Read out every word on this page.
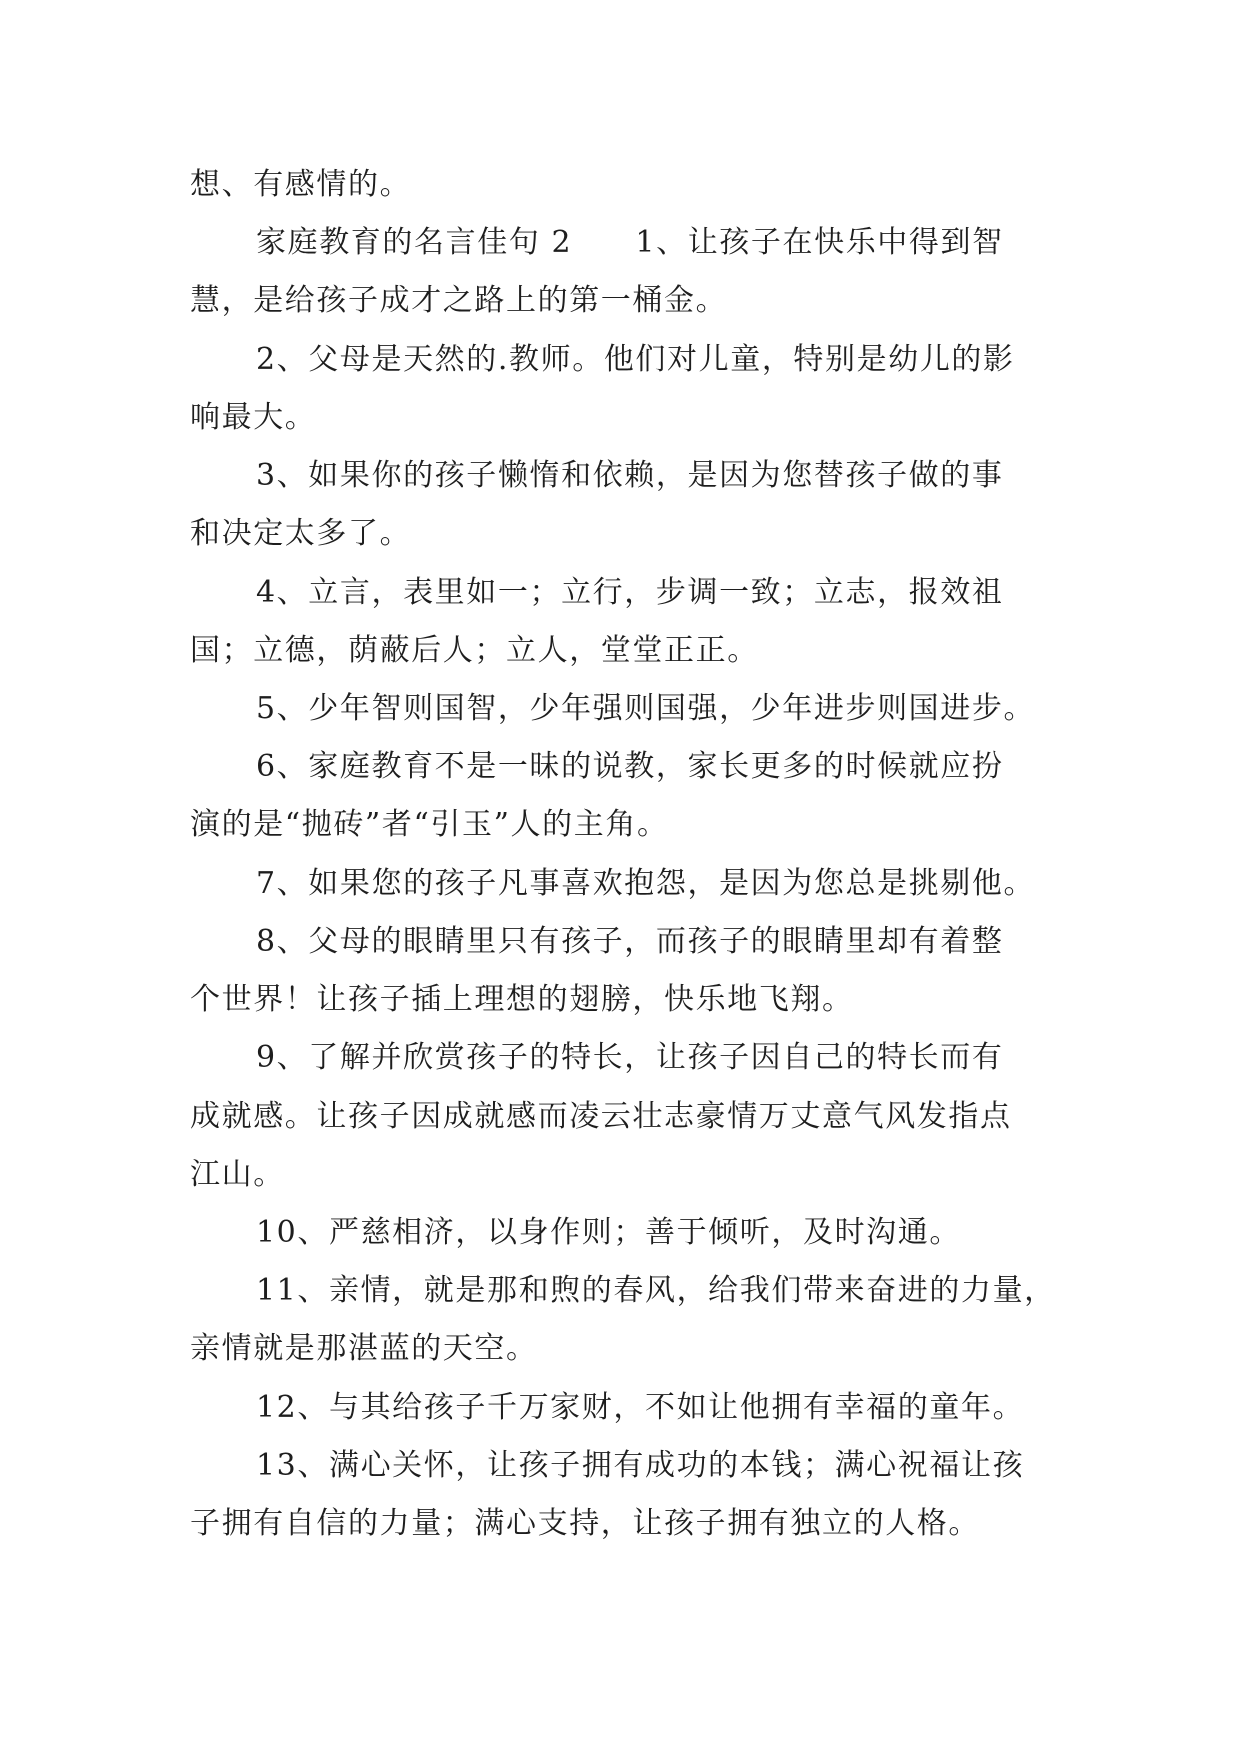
想、有感情的。
家庭教育的名言佳句 2　　1、让孩子在快乐中得到智
慧，是给孩子成才之路上的第一桶金。
2、父母是天然的.教师。他们对儿童，特别是幼儿的影
响最大。
3、如果你的孩子懒惰和依赖，是因为您替孩子做的事
和决定太多了。
4、立言，表里如一；立行，步调一致；立志，报效祖
国；立德，荫蔽后人；立人，堂堂正正。
5、少年智则国智，少年强则国强，少年进步则国进步。
6、家庭教育不是一昧的说教，家长更多的时候就应扮
演的是“抛砖”者“引玉”人的主角。
7、如果您的孩子凡事喜欢抱怨，是因为您总是挑剔他。
8、父母的眼睛里只有孩子，而孩子的眼睛里却有着整
个世界！让孩子插上理想的翅膀，快乐地飞翔。
9、了解并欣赏孩子的特长，让孩子因自己的特长而有
成就感。让孩子因成就感而凌云壮志豪情万丈意气风发指点
江山。
10、严慈相济，以身作则；善于倾听，及时沟通。
11、亲情，就是那和煦的春风，给我们带来奋进的力量，
亲情就是那湛蓝的天空。
12、与其给孩子千万家财，不如让他拥有幸福的童年。
13、满心关怀，让孩子拥有成功的本钱；满心祝福让孩
子拥有自信的力量；满心支持，让孩子拥有独立的人格。
